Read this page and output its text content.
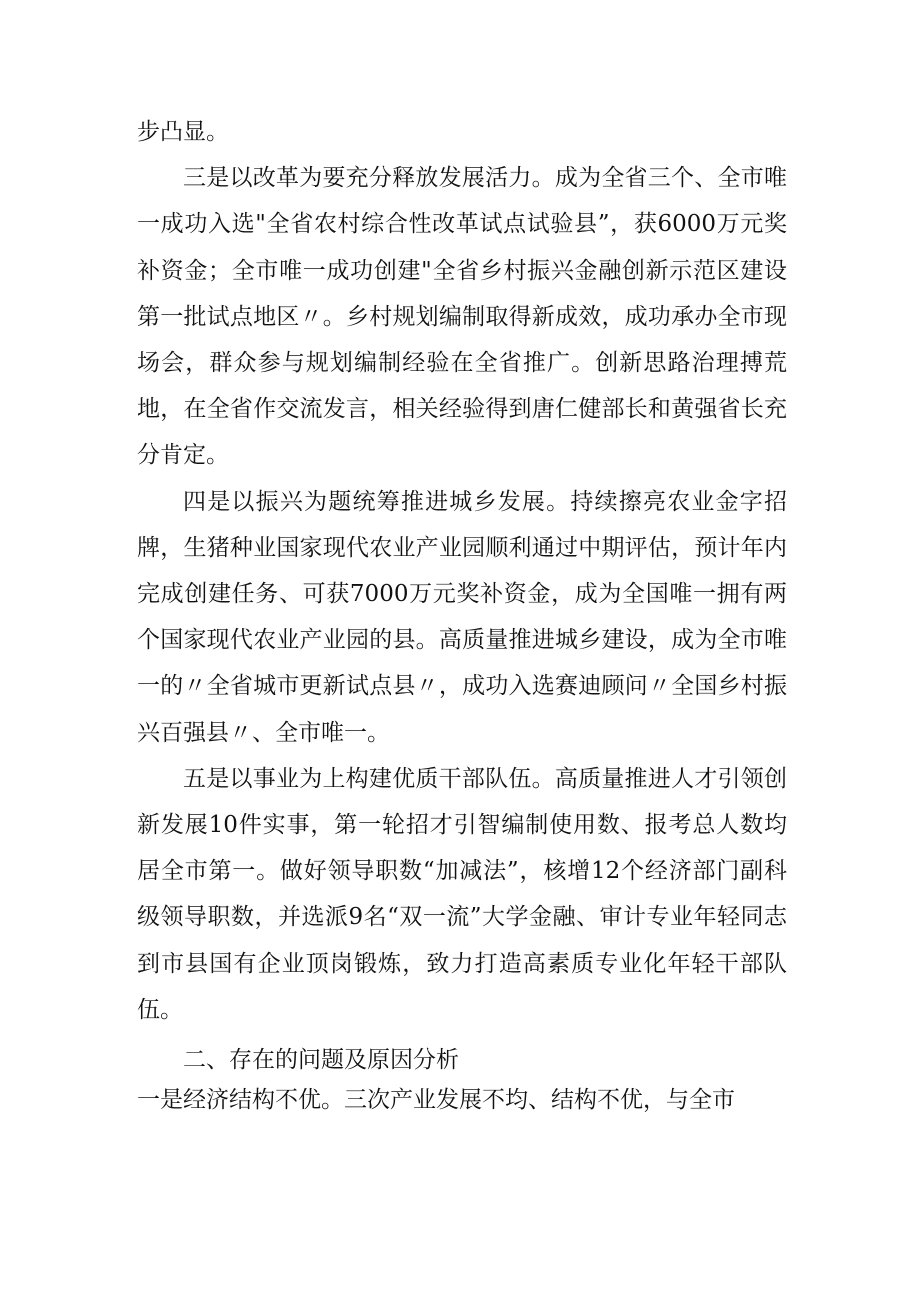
步凸显。

三是以改革为要充分释放发展活力。成为全省三个、全市唯一成功入选"全省农村综合性改革试点试验县”，获6000万元奖补资金；全市唯一成功创建"全省乡村振兴金融创新示范区建设第一批试点地区〃。乡村规划编制取得新成效，成功承办全市现场会，群众参与规划编制经验在全省推广。创新思路治理搏荒地，在全省作交流发言，相关经验得到唐仁健部长和黄强省长充分肯定。

四是以振兴为题统筹推进城乡发展。持续擦亮农业金字招牌，生猪种业国家现代农业产业园顺利通过中期评估，预计年内完成创建任务、可获7000万元奖补资金，成为全国唯一拥有两个国家现代农业产业园的县。高质量推进城乡建设，成为全市唯一的〃全省城市更新试点县〃，成功入选赛迪顾问〃全国乡村振兴百强县〃、全市唯一。

五是以事业为上构建优质干部队伍。高质量推进人才引领创新发展10件实事，第一轮招才引智编制使用数、报考总人数均居全市第一。做好领导职数“加减法”，核增12个经济部门副科级领导职数，并选派9名“双一流”大学金融、审计专业年轻同志到市县国有企业顶岗锻炼，致力打造高素质专业化年轻干部队伍。

二、存在的问题及原因分析

一是经济结构不优。三次产业发展不均、结构不优，与全市
